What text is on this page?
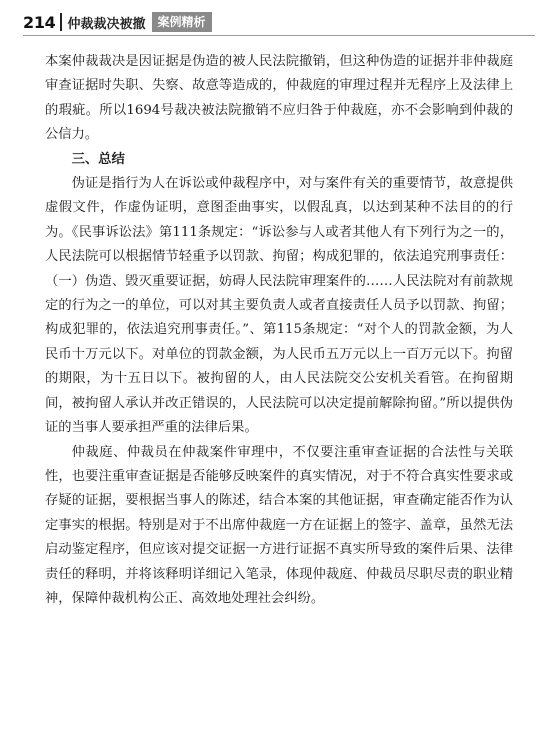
214 仲裁裁决被撤	案例精析

本案仲裁裁决是因证据是伪造的被人民法院撤销，但这种伪造的证据并非仲裁庭审查证据时失职、失察、故意等造成的，仲裁庭的审理过程并无程序上及法律上的瑕疵。所以1694号裁决被法院撤销不应归咎于仲裁庭，亦不会影响到仲裁的公信力。

三、总结

伪证是指行为人在诉讼或仲裁程序中，对与案件有关的重要情节，故意提供虚假文件，作虚伪证明，意图歪曲事实，以假乱真，以达到某种不法目的的行为。《民事诉讼法》第111条规定：“诉讼参与人或者其他人有下列行为之一的，人民法院可以根据情节轻重予以罚款、拘留；构成犯罪的，依法追究刑事责任：（一）伪造、毁灭重要证据，妨碍人民法院审理案件的……人民法院对有前款规定的行为之一的单位，可以对其主要负责人或者直接责任人员予以罚款、拘留；构成犯罪的，依法追究刑事责任。”、第115条规定：“对个人的罚款金额，为人民币十万元以下。对单位的罚款金额，为人民币五万元以上一百万元以下。拘留的期限，为十五日以下。被拘留的人，由人民法院交公安机关看管。在拘留期间，被拘留人承认并改正错误的，人民法院可以决定提前解除拘留。”所以提供伪证的当事人要承担严重的法律后果。

仲裁庭、仲裁员在仲裁案件审理中，不仅要注重审查证据的合法性与关联性，也要注重审查证据是否能够反映案件的真实情况，对于不符合真实性要求或存疑的证据，要根据当事人的陈述，结合本案的其他证据，审查确定能否作为认定事实的根据。特别是对于不出席仲裁庭一方在证据上的签字、盖章，虽然无法启动鉴定程序，但应该对提交证据一方进行证据不真实所导致的案件后果、法律责任的释明，并将该释明详细记入笔录，体现仲裁庭、仲裁员尽职尽责的职业精神，保障仲裁机构公正、高效地处理社会纠纷。
